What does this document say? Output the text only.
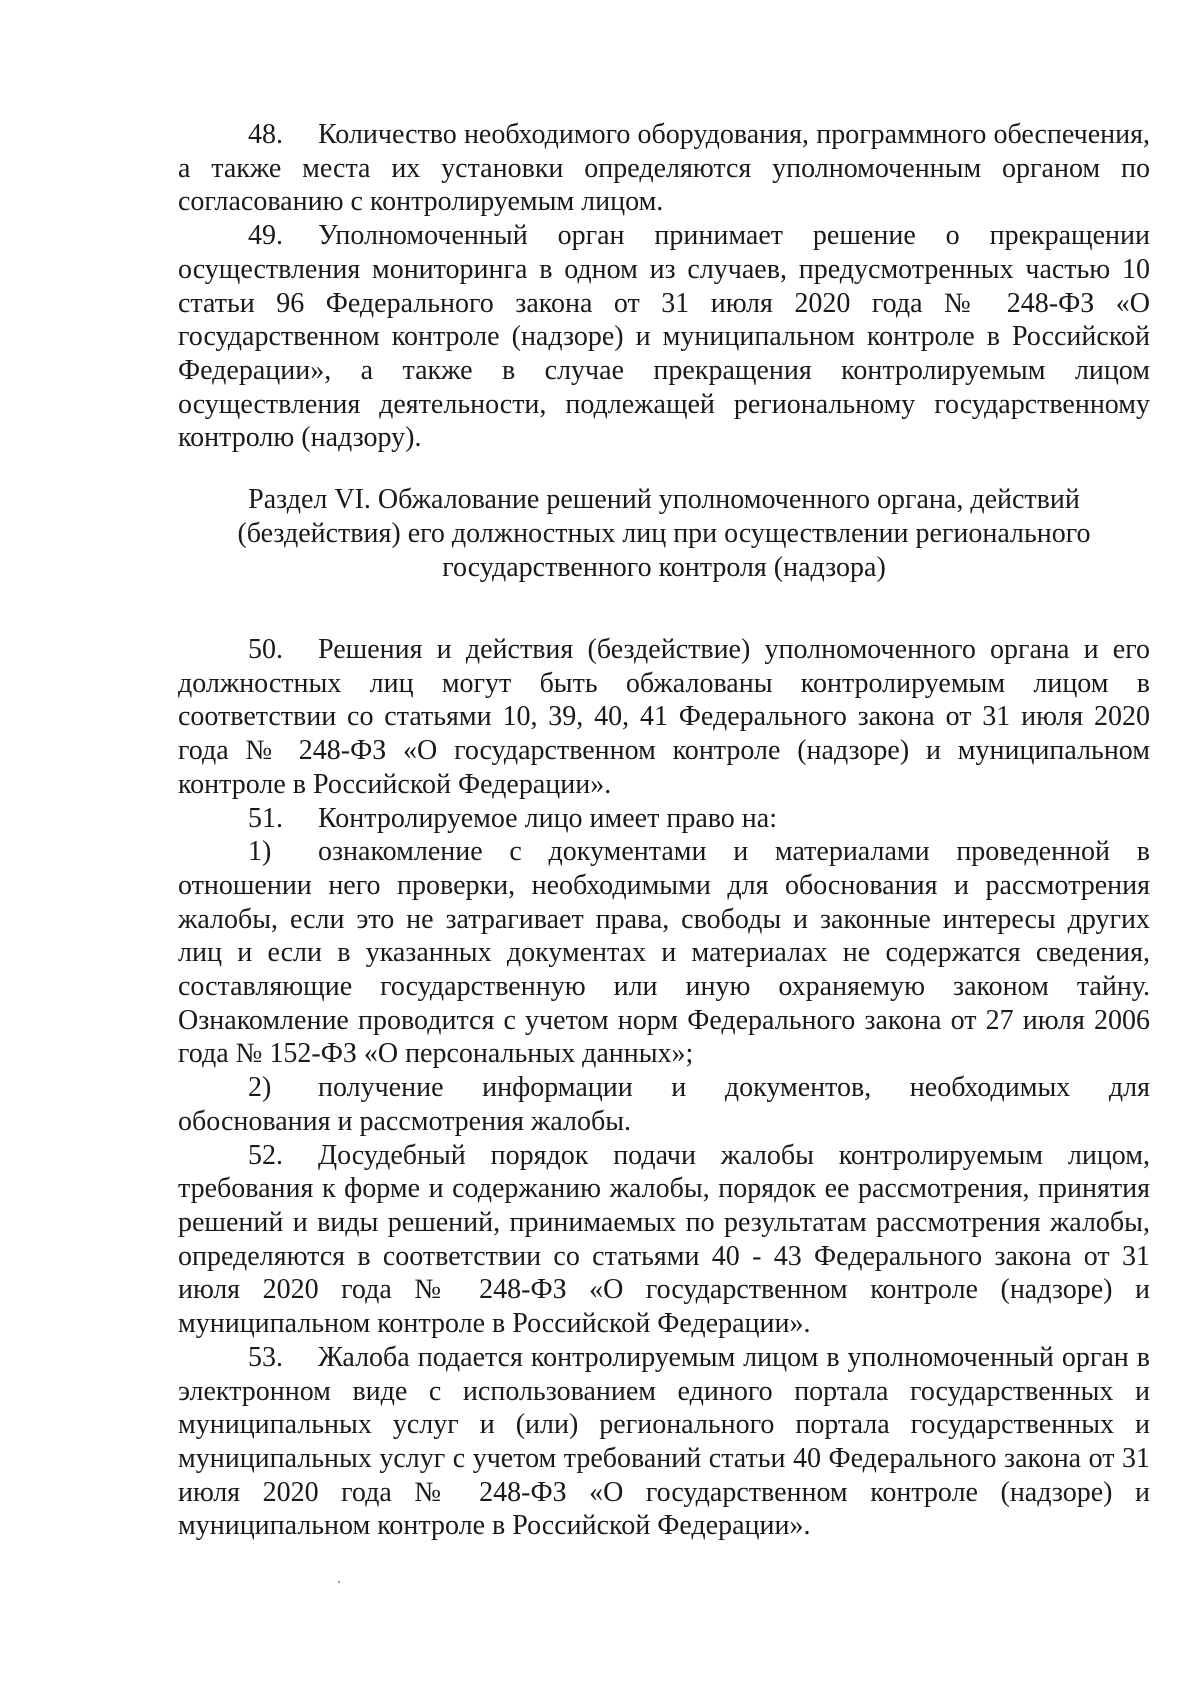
48. Количество необходимого оборудования, программного обеспечения, а также места их установки определяются уполномоченным органом по согласованию с контролируемым лицом.

49. Уполномоченный орган принимает решение о прекращении осуществления мониторинга в одном из случаев, предусмотренных частью 10 статьи 96 Федерального закона от 31 июля 2020 года № 248-ФЗ «О государственном контроле (надзоре) и муниципальном контроле в Российской Федерации», а также в случае прекращения контролируемым лицом осуществления деятельности, подлежащей региональному государственному контролю (надзору).

Раздел VI. Обжалование решений уполномоченного органа, действий
(бездействия) его должностных лиц при осуществлении регионального
государственного контроля (надзора)

50. Решения и действия (бездействие) уполномоченного органа и его должностных лиц могут быть обжалованы контролируемым лицом в соответствии со статьями 10, 39, 40, 41 Федерального закона от 31 июля 2020 года № 248-ФЗ «О государственном контроле (надзоре) и муниципальном контроле в Российской Федерации».

51. Контролируемое лицо имеет право на:

1) ознакомление с документами и материалами проведенной в отношении него проверки, необходимыми для обоснования и рассмотрения жалобы, если это не затрагивает права, свободы и законные интересы других лиц и если в указанных документах и материалах не содержатся сведения, составляющие государственную или иную охраняемую законом тайну. Ознакомление проводится с учетом норм Федерального закона от 27 июля 2006 года № 152-ФЗ «О персональных данных»;

2) получение информации и документов, необходимых для обоснования и рассмотрения жалобы.

52. Досудебный порядок подачи жалобы контролируемым лицом, требования к форме и содержанию жалобы, порядок ее рассмотрения, принятия решений и виды решений, принимаемых по результатам рассмотрения жалобы, определяются в соответствии со статьями 40 - 43 Федерального закона от 31 июля 2020 года № 248-ФЗ «О государственном контроле (надзоре) и муниципальном контроле в Российской Федерации».

53. Жалоба подается контролируемым лицом в уполномоченный орган в электронном виде с использованием единого портала государственных и муниципальных услуг и (или) регионального портала государственных и муниципальных услуг с учетом требований статьи 40 Федерального закона от 31 июля 2020 года № 248-ФЗ «О государственном контроле (надзоре) и муниципальном контроле в Российской Федерации».
